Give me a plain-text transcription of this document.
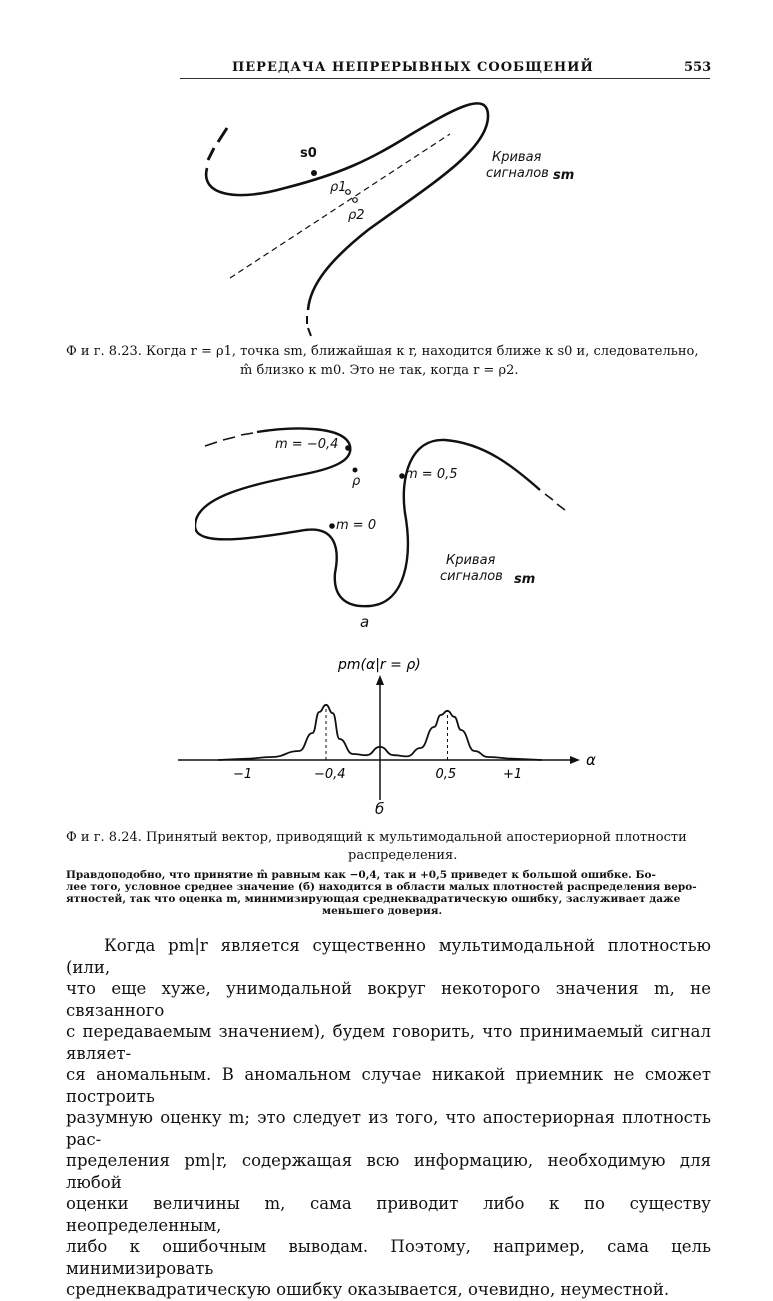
ПЕРЕДАЧА НЕПРЕРЫВНЫХ СООБЩЕНИЙ	553
s0
ρ1
ρ2
Кривая
сигналов sm
Ф и г. 8.23. Когда r = ρ1, точка sm, ближайшая к r, находится ближе к s0 и, следовательно,
m̂ близко к m0. Это не так, когда r = ρ2.
m = −0,4
m = 0,5
m = 0
ρ
Кривая
сигналов sm
a
−1	−0,4	0,5	+1
α
pm(α|r = ρ)
б
Ф и г. 8.24. Принятый вектор, приводящий к мультимодальной апостериорной плотности
распределения.
Правдоподобно, что принятие m̂ равным как −0,4, так и +0,5 приведет к большой ошибке. Бо-
лее того, условное среднее значение (б) находится в области малых плотностей распределения веро-
ятностей, так что оценка m, минимизирующая среднеквадратическую ошибку, заслуживает даже
меньшего доверия.
Когда pm|r является существенно мультимодальной плотностью (или,
что еще хуже, унимодальной вокруг некоторого значения m, не связанного
с передаваемым значением), будем говорить, что принимаемый сигнал являет-
ся аномальным. В аномальном случае никакой приемник не сможет построить
разумную оценку m; это следует из того, что апостериорная плотность рас-
пределения pm|r, содержащая всю информацию, необходимую для любой
оценки величины m, сама приводит либо к по существу неопределенным,
либо к ошибочным выводам. Поэтому, например, сама цель минимизировать
среднеквадратическую ошибку оказывается, очевидно, неуместной.
